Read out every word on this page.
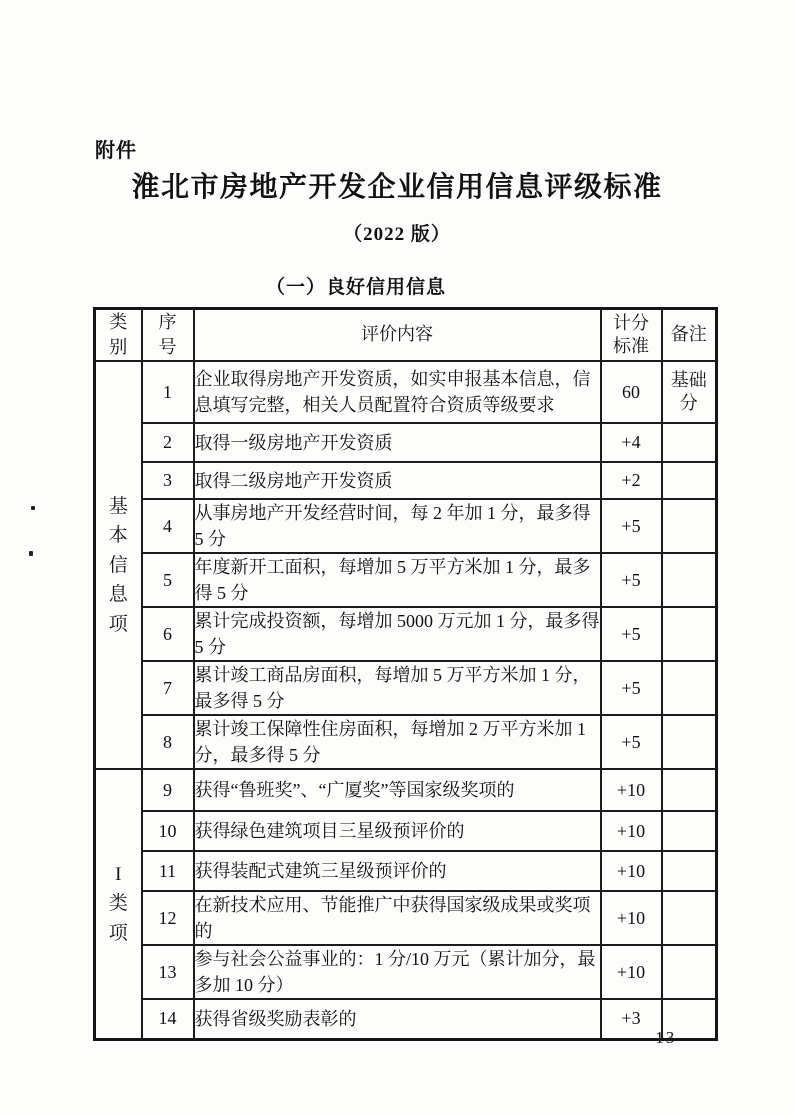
附件
淮北市房地产开发企业信用信息评级标准
（2022 版）
（一）良好信用信息
类别	序号	评价内容	计分标准	备注
基本信息项	1	企业取得房地产开发资质，如实申报基本信息，信息填写完整，相关人员配置符合资质等级要求	60	基础分
	2	取得一级房地产开发资质	+4	
	3	取得二级房地产开发资质	+2	
	4	从事房地产开发经营时间，每 2 年加 1 分，最多得 5 分	+5	
	5	年度新开工面积，每增加 5 万平方米加 1 分，最多得 5 分	+5	
	6	累计完成投资额，每增加 5000 万元加 1 分，最多得 5 分	+5	
	7	累计竣工商品房面积，每增加 5 万平方米加 1 分，最多得 5 分	+5	
	8	累计竣工保障性住房面积，每增加 2 万平方米加 1 分，最多得 5 分	+5	
I类项	9	获得“鲁班奖”、“广厦奖”等国家级奖项的	+10	
	10	获得绿色建筑项目三星级预评价的	+10	
	11	获得装配式建筑三星级预评价的	+10	
	12	在新技术应用、节能推广中获得国家级成果或奖项的	+10	
	13	参与社会公益事业的：1 分/10 万元（累计加分，最多加 10 分）	+10	
	14	获得省级奖励表彰的	+3	
— 13 —
